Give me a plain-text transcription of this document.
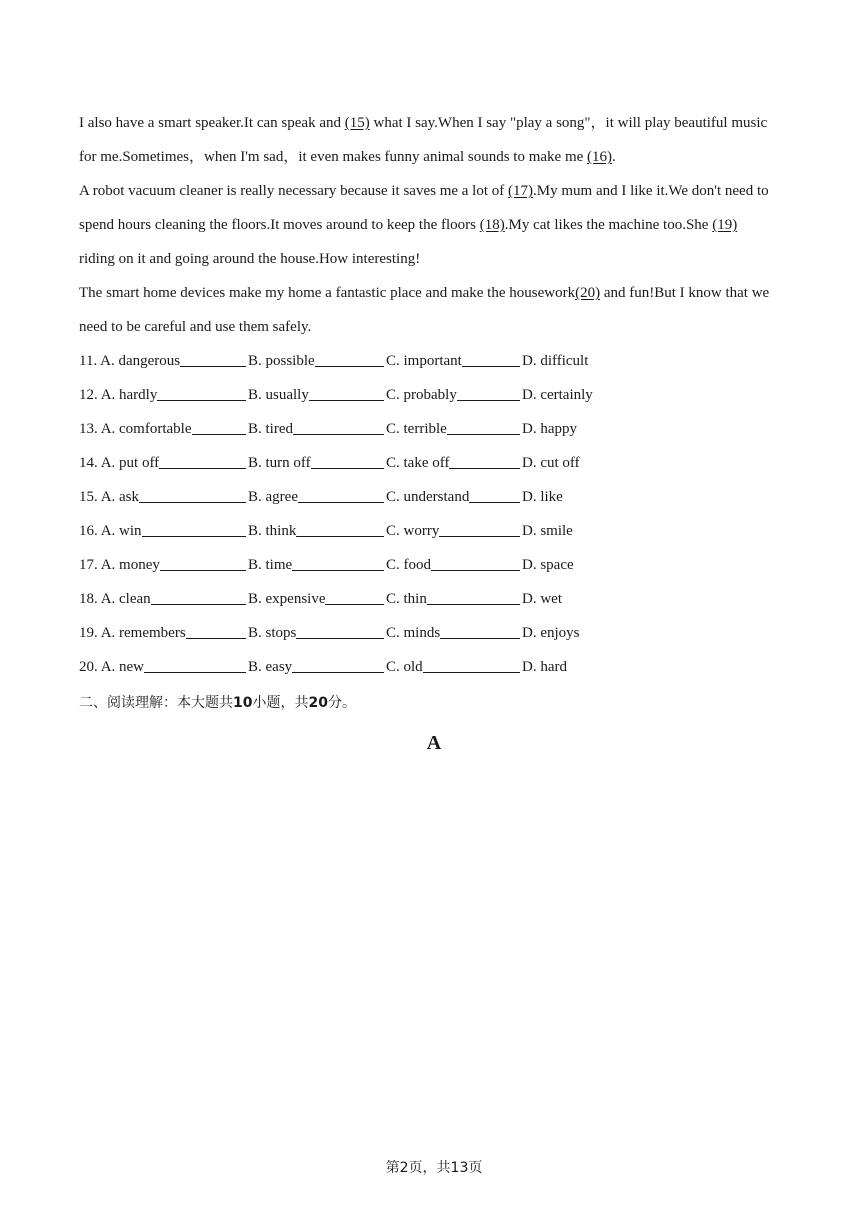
I also have a smart speaker.It can speak and (15) what I say.When I say "play a song"，it will play beautiful music

for me.Sometimes，when I'm sad，it even makes funny animal sounds to make me (16).

A robot vacuum cleaner is really necessary because it saves me a lot of (17).My mum and I like it.We don't need to

spend hours cleaning the floors.It moves around to keep the floors (18).My cat likes the machine too.She (19)

riding on it and going around the house.How interesting!

The smart home devices make my home a fantastic place and make the housework(20) and fun!But I know that we

need to be careful and use them safely.

11. A. dangerous	B. possible	C. important	D. difficult
12. A. hardly	B. usually	C. probably	D. certainly
13. A. comfortable	B. tired	C. terrible	D. happy
14. A. put off	B. turn off	C. take off	D. cut off
15. A. ask	B. agree	C. understand	D. like
16. A. win	B. think	C. worry	D. smile
17. A. money	B. time	C. food	D. space
18. A. clean	B. expensive	C. thin	D. wet
19. A. remembers	B. stops	C. minds	D. enjoys
20. A. new	B. easy	C. old	D. hard
二、阅读理解：本大题共10小题，共20分。
A
第2页，共13页
